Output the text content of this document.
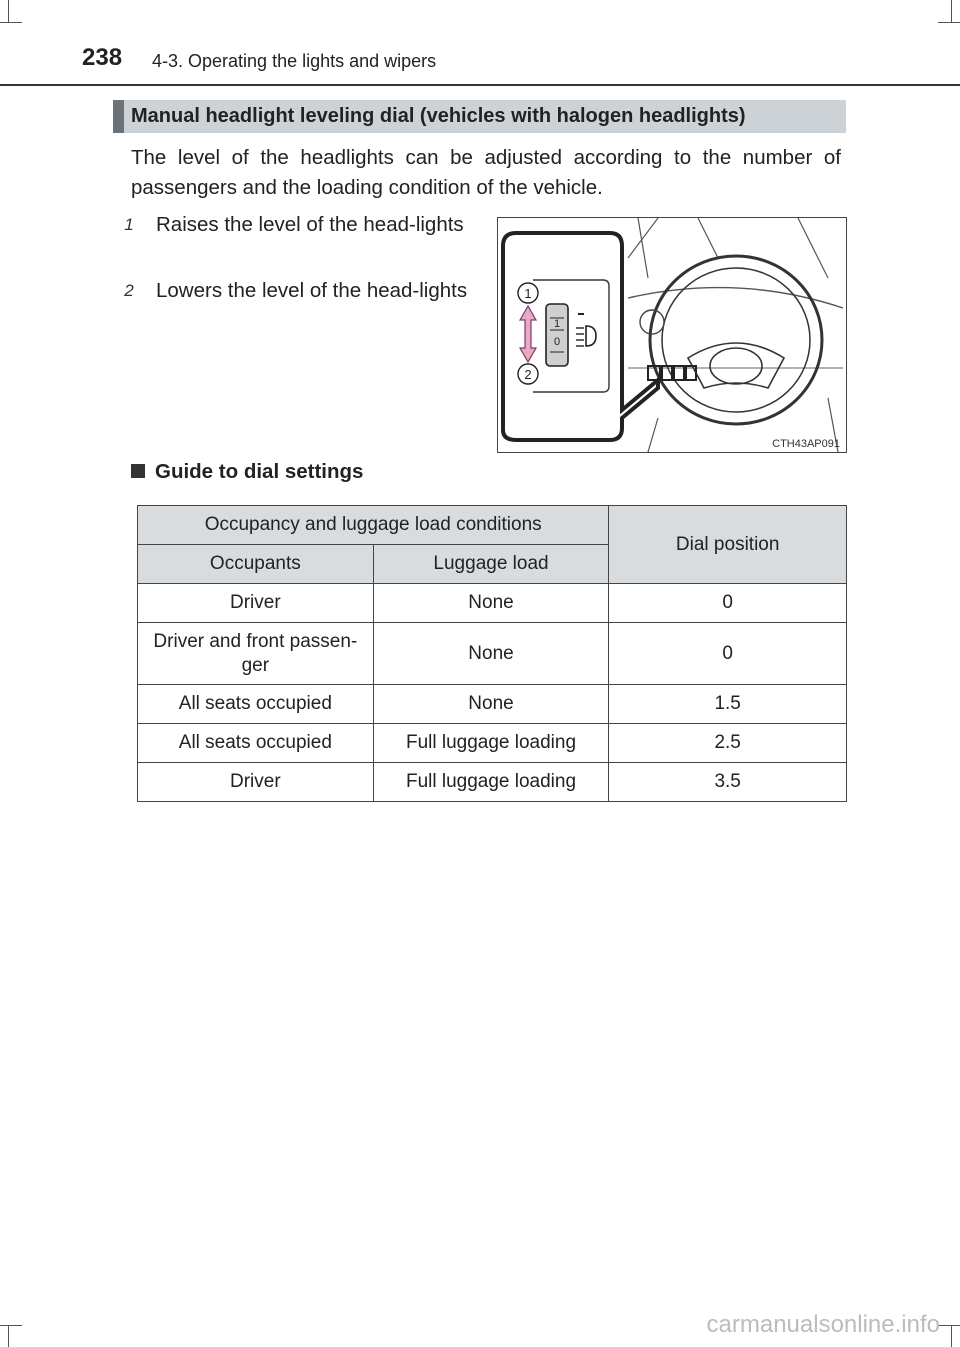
238 4-3. Operating the lights and wipers
Manual headlight leveling dial (vehicles with halogen headlights)
The level of the headlights can be adjusted according to the number of passengers and the loading condition of the vehicle.
1	Raises the level of the head-lights
2	Lowers the level of the head-lights	1
2
1
0
CTH43AP091
Guide to dial settings
Occupancy and luggage load conditions		Dial position
Occupants	Luggage load	
Driver	None	0
Driver and front passen-ger	None	0
All seats occupied	None	1.5
All seats occupied	Full luggage loading	2.5
Driver	Full luggage loading	3.5
carmanualsonline.info
